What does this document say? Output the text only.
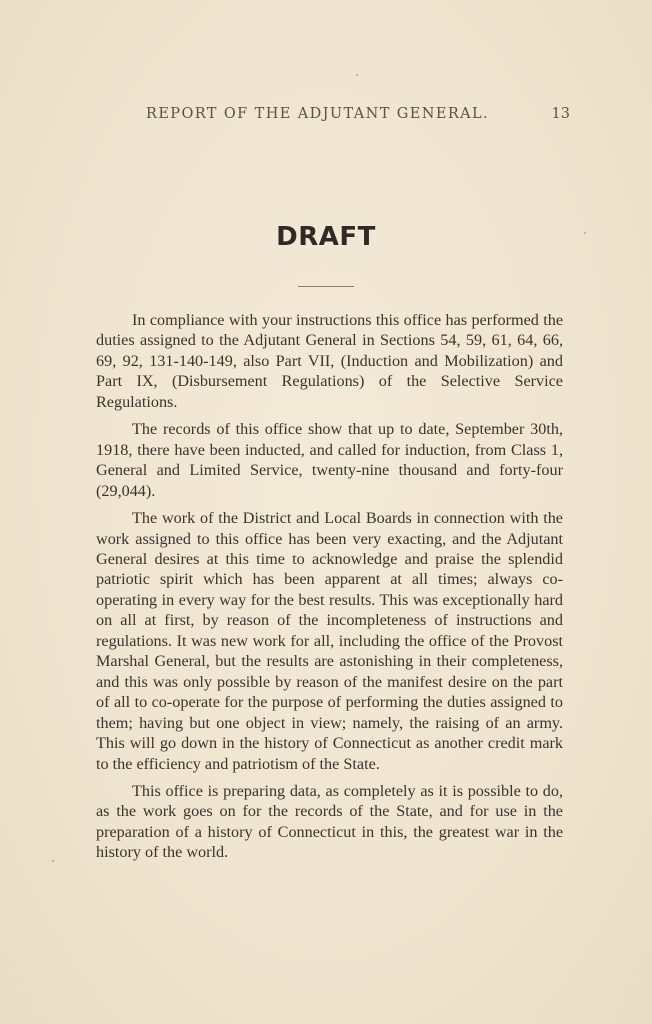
REPORT OF THE ADJUTANT GENERAL.	13
DRAFT

In compliance with your instructions this office has performed the duties assigned to the Adjutant General in Sections 54, 59, 61, 64, 66, 69, 92, 131-140-149, also Part VII, (Induction and Mobilization) and Part IX, (Disbursement Regulations) of the Selective Service Regulations.

The records of this office show that up to date, September 30th, 1918, there have been inducted, and called for induction, from Class 1, General and Limited Service, twenty-nine thousand and forty-four (29,044).

The work of the District and Local Boards in connection with the work assigned to this office has been very exacting, and the Adjutant General desires at this time to acknowledge and praise the splendid patriotic spirit which has been apparent at all times; always co-operating in every way for the best results. This was exceptionally hard on all at first, by reason of the incompleteness of instructions and regulations. It was new work for all, including the office of the Provost Marshal General, but the results are astonishing in their completeness, and this was only possible by reason of the manifest desire on the part of all to co-operate for the purpose of performing the duties assigned to them; having but one object in view; namely, the raising of an army. This will go down in the history of Connecticut as another credit mark to the efficiency and patriotism of the State.

This office is preparing data, as completely as it is possible to do, as the work goes on for the records of the State, and for use in the preparation of a history of Connecticut in this, the greatest war in the history of the world.
